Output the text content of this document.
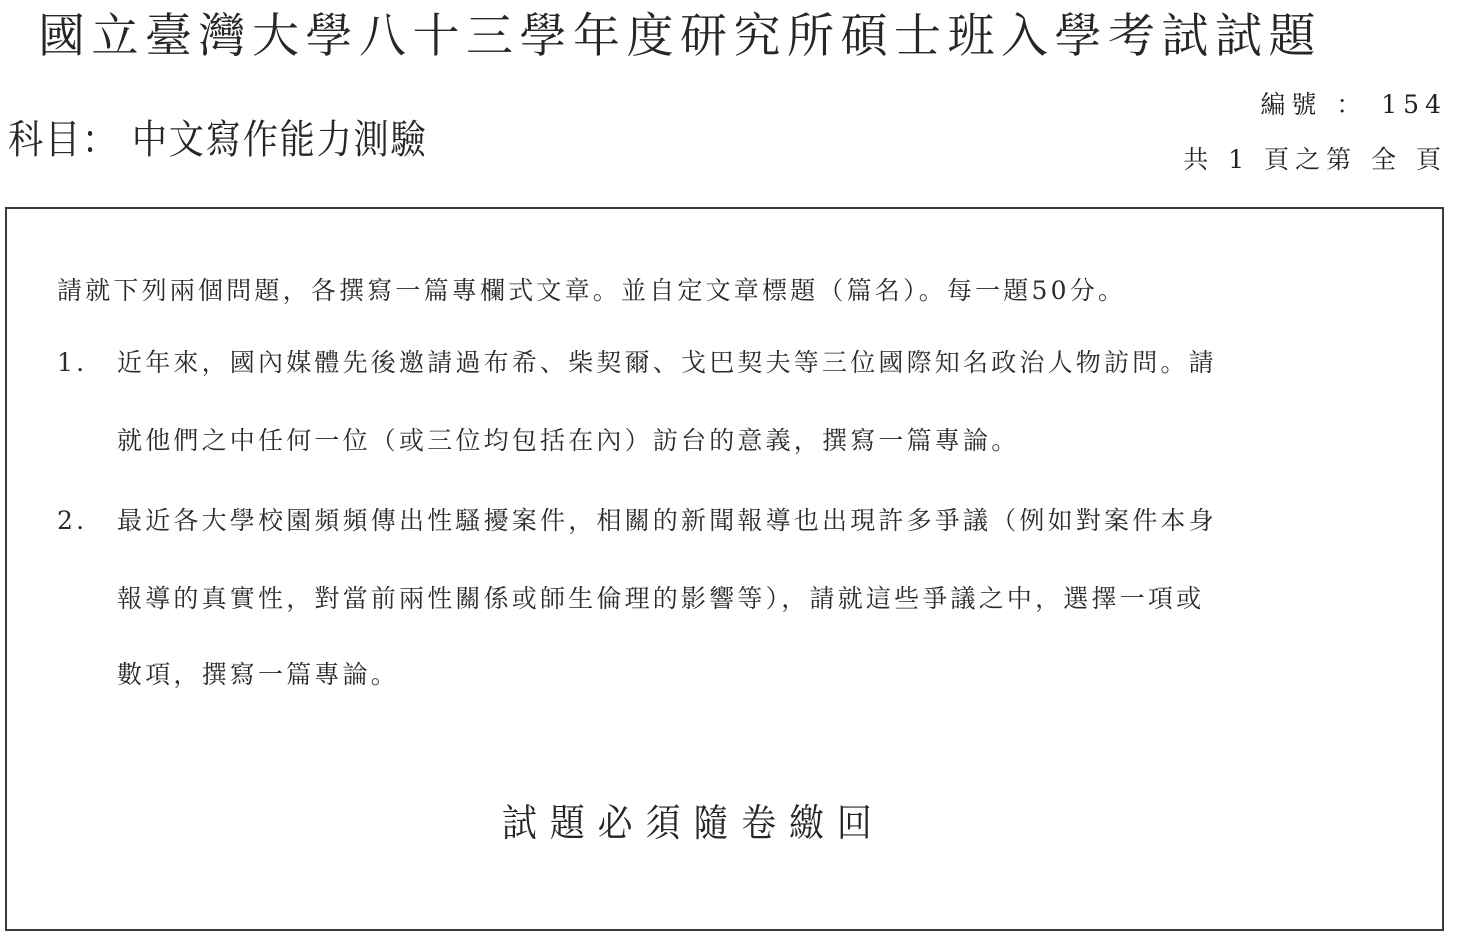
國立臺灣大學八十三學年度研究所碩士班入學考試試題
編號 ： 154
科目： 中文寫作能力測驗	共 1 頁之第 全 頁
請就下列兩個問題，各撰寫一篇專欄式文章。並自定文章標題（篇名）。每一題50分。
1. 近年來，國內媒體先後邀請過布希、柴契爾、戈巴契夫等三位國際知名政治人物訪問。請
就他們之中任何一位（或三位均包括在內）訪台的意義，撰寫一篇專論。
2. 最近各大學校園頻頻傳出性騷擾案件，相關的新聞報導也出現許多爭議（例如對案件本身
報導的真實性，對當前兩性關係或師生倫理的影響等），請就這些爭議之中，選擇一項或
數項，撰寫一篇專論。
試題必須隨卷繳回
